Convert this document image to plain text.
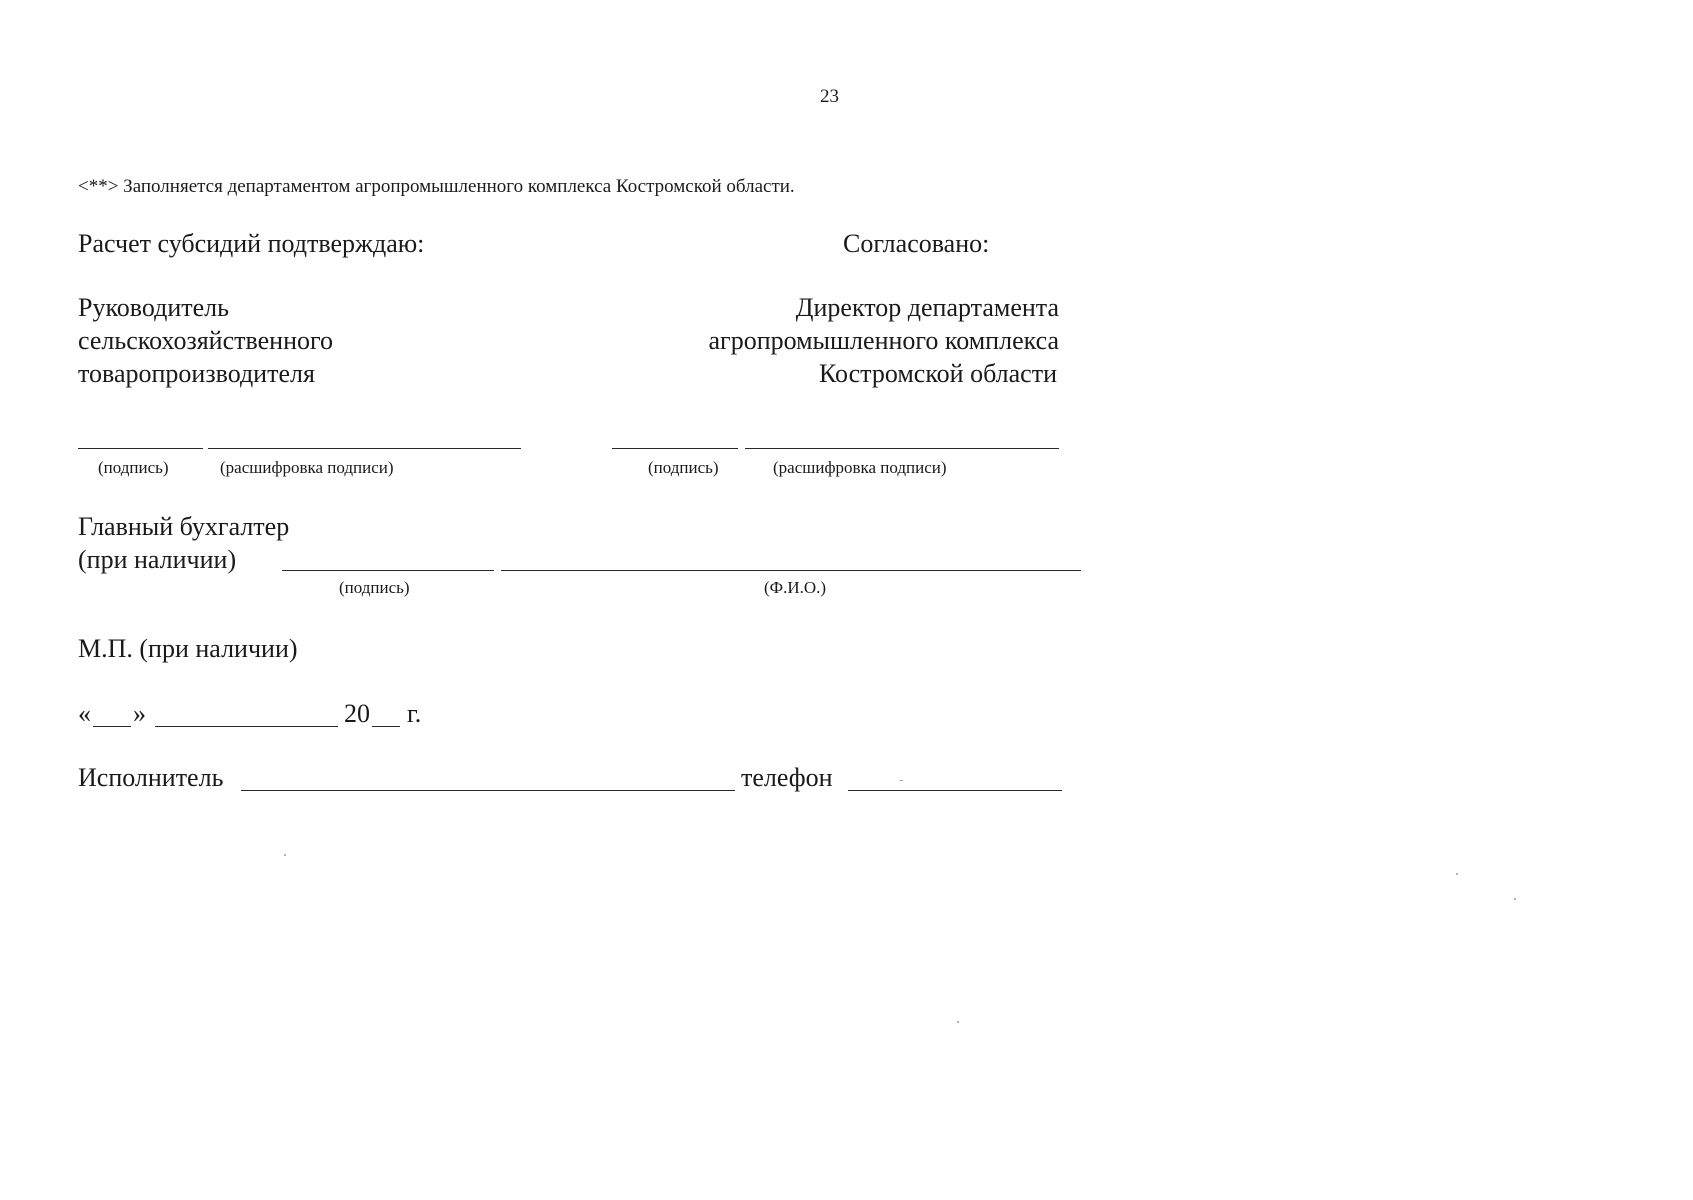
23
<**> Заполняется департаментом агропромышленного комплекса Костромской области.
Расчет субсидий подтверждаю:
Руководитель
сельскохозяйственного
товаропроизводителя
(подпись)	(расшифровка подписи)
Согласовано:
Директор департамента
агропромышленного комплекса
Костромской области
(подпись)	(расшифровка подписи)
Главный бухгалтер
(при наличии)
(подпись)	(Ф.И.О.)
М.П. (при наличии)
« »	20 г.
Исполнитель	телефон
